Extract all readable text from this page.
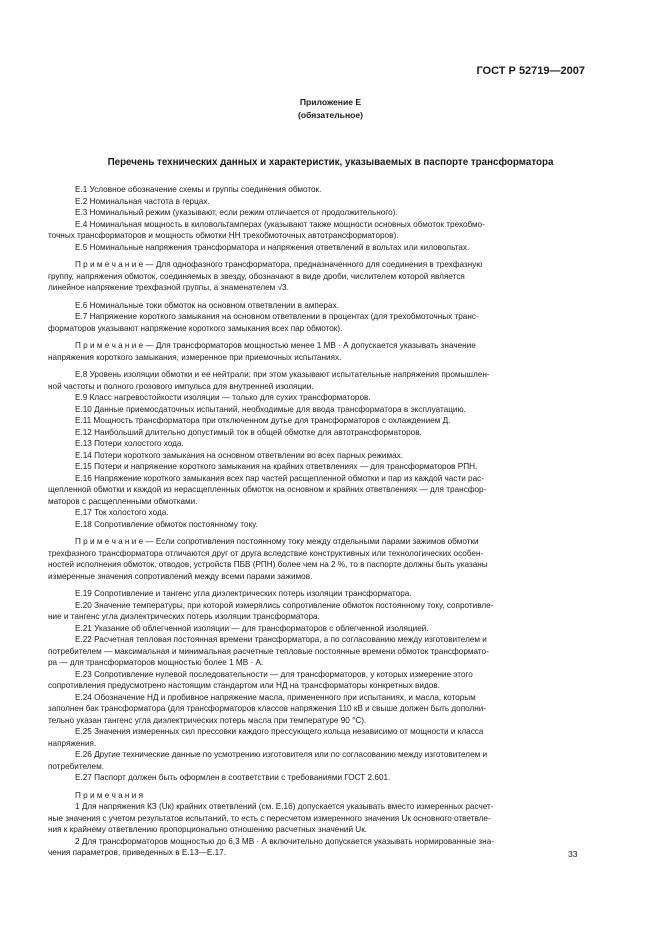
ГОСТ Р 52719—2007
Приложение Е
(обязательное)
Перечень технических данных и характеристик, указываемых в паспорте трансформатора
Е.1 Условное обозначение схемы и группы соединения обмоток.
Е.2 Номинальная частота в герцах.
Е.3 Номинальный режим (указывают, если режим отличается от продолжительного).
Е.4 Номинальная мощность в киловольтамперах (указывают также мощности основных обмоток трехобмо-
точных трансформаторов и мощность обмотки НН трехобмоточных автотрансформаторов).
Е.5 Номинальные напряжения трансформатора и напряжения ответвлений в вольтах или киловольтах.
П р и м е ч а н и е — Для однофазного трансформатора, предназначенного для соединения в трехфазную
группу, напряжения обмоток, соединяемых в звезду, обозначают в виде дроби, числителем которой является
линейное напряжение трехфазной группы, а знаменателем √3.
Е.6 Номинальные токи обмоток на основном ответвлении в амперах.
Е.7 Напряжение короткого замыкания на основном ответвлении в процентах (для трехобмоточных транс-
форматоров указывают напряжение короткого замыкания всех пар обмоток).
П р и м е ч а н и е — Для трансформаторов мощностью менее 1 МВ · А допускается указывать значение
напряжения короткого замыкания, измеренное при приемочных испытаниях.
Е.8 Уровень изоляции обмотки и ее нейтрали; при этом указывают испытательные напряжения промышлен-
ной частоты и полного грозового импульса для внутренней изоляции.
Е.9 Класс нагревостойкости изоляции — только для сухих трансформаторов.
Е.10 Данные приемосдаточных испытаний, необходимые для ввода трансформатора в эксплуатацию.
Е.11 Мощность трансформатора при отключенном дутье для трансформаторов с охлаждением Д.
Е.12 Наибольший длительно допустимый ток в общей обмотке для автотрансформаторов.
Е.13 Потери холостого хода.
Е.14 Потери короткого замыкания на основном ответвлении во всех парных режимах.
Е.15 Потери и напряжение короткого замыкания на крайних ответвлениях — для трансформаторов РПН.
Е.16 Напряжение короткого замыкания всех пар частей расщепленной обмотки и пар из каждой части рас-
щепленной обмотки и каждой из нерасщепленных обмоток на основном и крайних ответвлениях — для трансфор-
маторов с расщепленными обмотками.
Е.17 Ток холостого хода.
Е.18 Сопротивление обмоток постоянному току.
П р и м е ч а н и е — Если сопротивления постоянному току между отдельными парами зажимов обмотки
трехфазного трансформатора отличаются друг от друга вследствие конструктивных или технологических особен-
ностей исполнения обмоток, отводов, устройств ПБВ (РПН) более чем на 2 %, то в паспорте должны быть указаны
измеренные значения сопротивлений между всеми парами зажимов.
Е.19 Сопротивление и тангенс угла диэлектрических потерь изоляции трансформатора.
Е.20 Значение температуры, при которой измерялись сопротивление обмоток постоянному току, сопротивле-
ние и тангенс угла диэлектрических потерь изоляции трансформатора.
Е.21 Указание об облегченной изоляции — для трансформаторов с облегченной изоляцией.
Е.22 Расчетная тепловая постоянная времени трансформатора, а по согласованию между изготовителем и
потребителем — максимальная и минимальная расчетные тепловые постоянные времени обмоток трансформато-
ра — для трансформаторов мощностью более 1 МВ · А.
Е.23 Сопротивление нулевой последовательности — для трансформаторов, у которых измерение этого
сопротивления предусмотрено настоящим стандартом или НД на трансформаторы конкретных видов.
Е.24 Обозначение НД и пробивное напряжение масла, примененного при испытаниях, и масла, которым
заполнен бак трансформатора (для трансформаторов классов напряжения 110 кВ и свыше должен быть дополни-
тельно указан тангенс угла диэлектрических потерь масла при температуре 90 °С).
Е.25 Значения измеренных сил прессовки каждого прессующего кольца независимо от мощности и класса
напряжения.
Е.26 Другие технические данные по усмотрению изготовителя или по согласованию между изготовителем и
потребителем.
Е.27 Паспорт должен быть оформлен в соответствии с требованиями ГОСТ 2.601.
П р и м е ч а н и я
1 Для напряжения КЗ (Uк) крайних ответвлений (см. Е.16) допускается указывать вместо измеренных расчет-
ные значения с учетом результатов испытаний, то есть с пересчетом измеренного значения Uк основного ответвле-
ния к крайнему ответвлению пропорционально отношению расчетных значений Uк.
2 Для трансформаторов мощностью до 6,3 МВ · А включительно допускается указывать нормированные зна-
чения параметров, приведенных в Е.13—Е.17.	33
